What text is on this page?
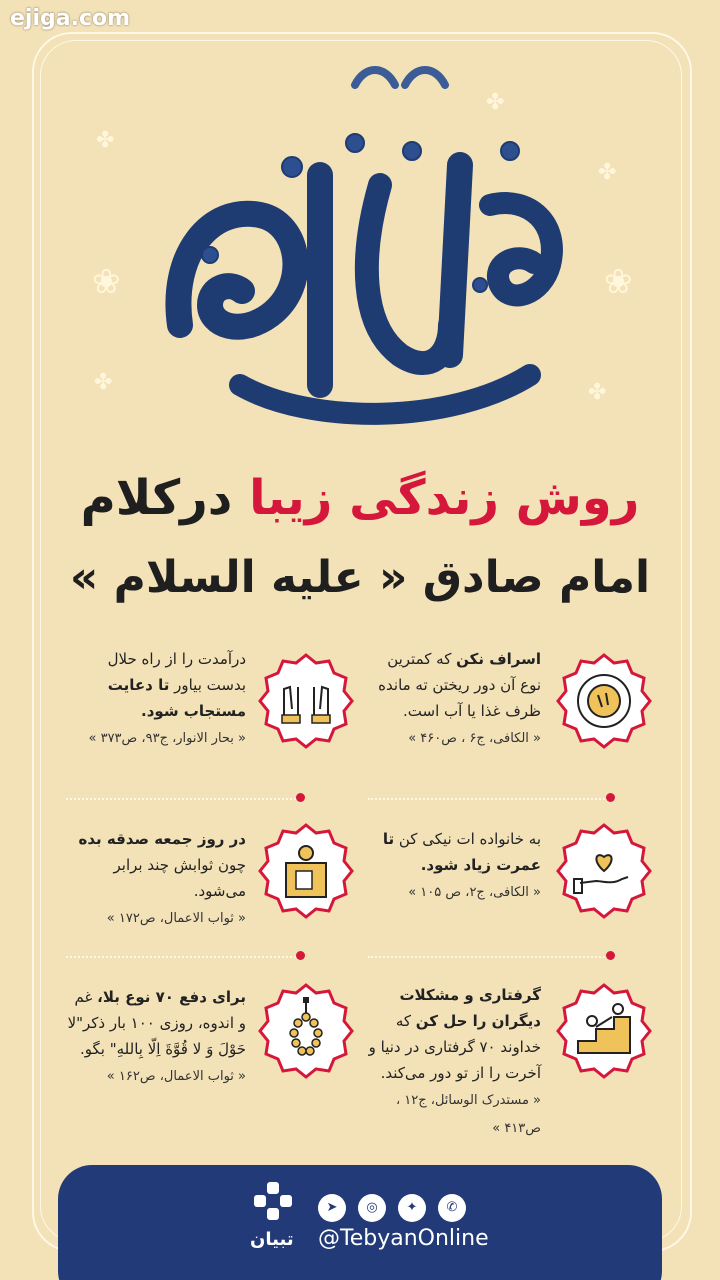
ejiga.com
✤
✤
✤
✤	✤
❀	❀
روش زندگی زیبا درکلام
امام صادق « علیه السلام »
اسراف نکن که کمترین نوع آن دور ریختن ته مانده ظرف غذا یا آب است.
« الکافی، ج۶ ، ص۴۶۰ »
درآمدت را از راه حلال بدست بیاور تا دعایت مستجاب شود.
« بحار الانوار، ج۹۳، ص۳۷۳ »
به خانواده ات نیکی کن تا عمرت زیاد شود.
« الکافی، ج۲، ص ۱۰۵ »
در روز جمعه صدقه بده چون ثوابش چند برابر می‌شود.
« ثواب الاعمال، ص۱۷۲ »
گرفتاری و مشکلات دیگران را حل کن که خداوند ۷۰ گرفتاری در دنیا و آخرت را از تو دور می‌کند.
« مستدرک الوسائل، ج۱۲ ، ص۴۱۳ »
برای دفع ۷۰ نوع بلا، غم و اندوه، روزی ۱۰۰ بار ذکر"لا حَوْلَ وَ لا قُوَّةَ اِلّا بِاللهِ" بگو.
« ثواب الاعمال، ص۱۶۲ »
تبیان
➤	◎	✦	✆
@TebyanOnline
